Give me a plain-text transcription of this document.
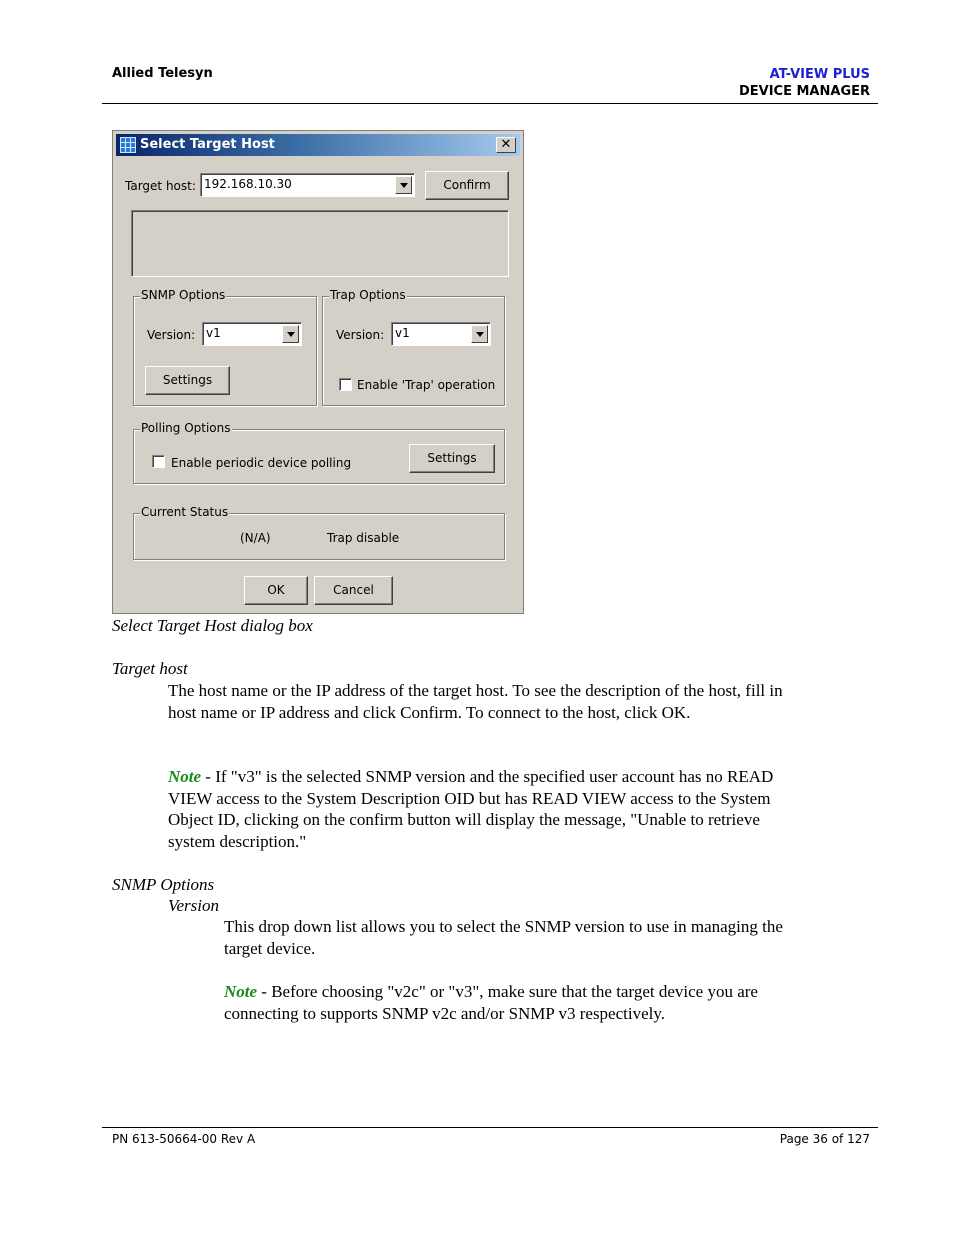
Allied Telesyn	AT-VIEW PLUS
DEVICE MANAGER
Select Target Host	✕
Target host: 192.168.10.30	Confirm
SNMP Options
Version: v1
Settings
Trap Options
Version: v1
Enable 'Trap' operation
Polling Options
Enable periodic device polling	Settings
Current Status
(N/A)	Trap disable
OK	Cancel
Select Target Host dialog box
Target host
The host name or the IP address of the target host. To see the description of the host, fill in
host name or IP address and click Confirm. To connect to the host, click OK.
Note - If "v3" is the selected SNMP version and the specified user account has no READ
VIEW access to the System Description OID but has READ VIEW access to the System
Object ID, clicking on the confirm button will display the message, "Unable to retrieve
system description."
SNMP Options
Version
This drop down list allows you to select the SNMP version to use in managing the
target device.
Note - Before choosing "v2c" or "v3", make sure that the target device you are
connecting to supports SNMP v2c and/or SNMP v3 respectively.
PN 613-50664-00 Rev A	Page 36 of 127
